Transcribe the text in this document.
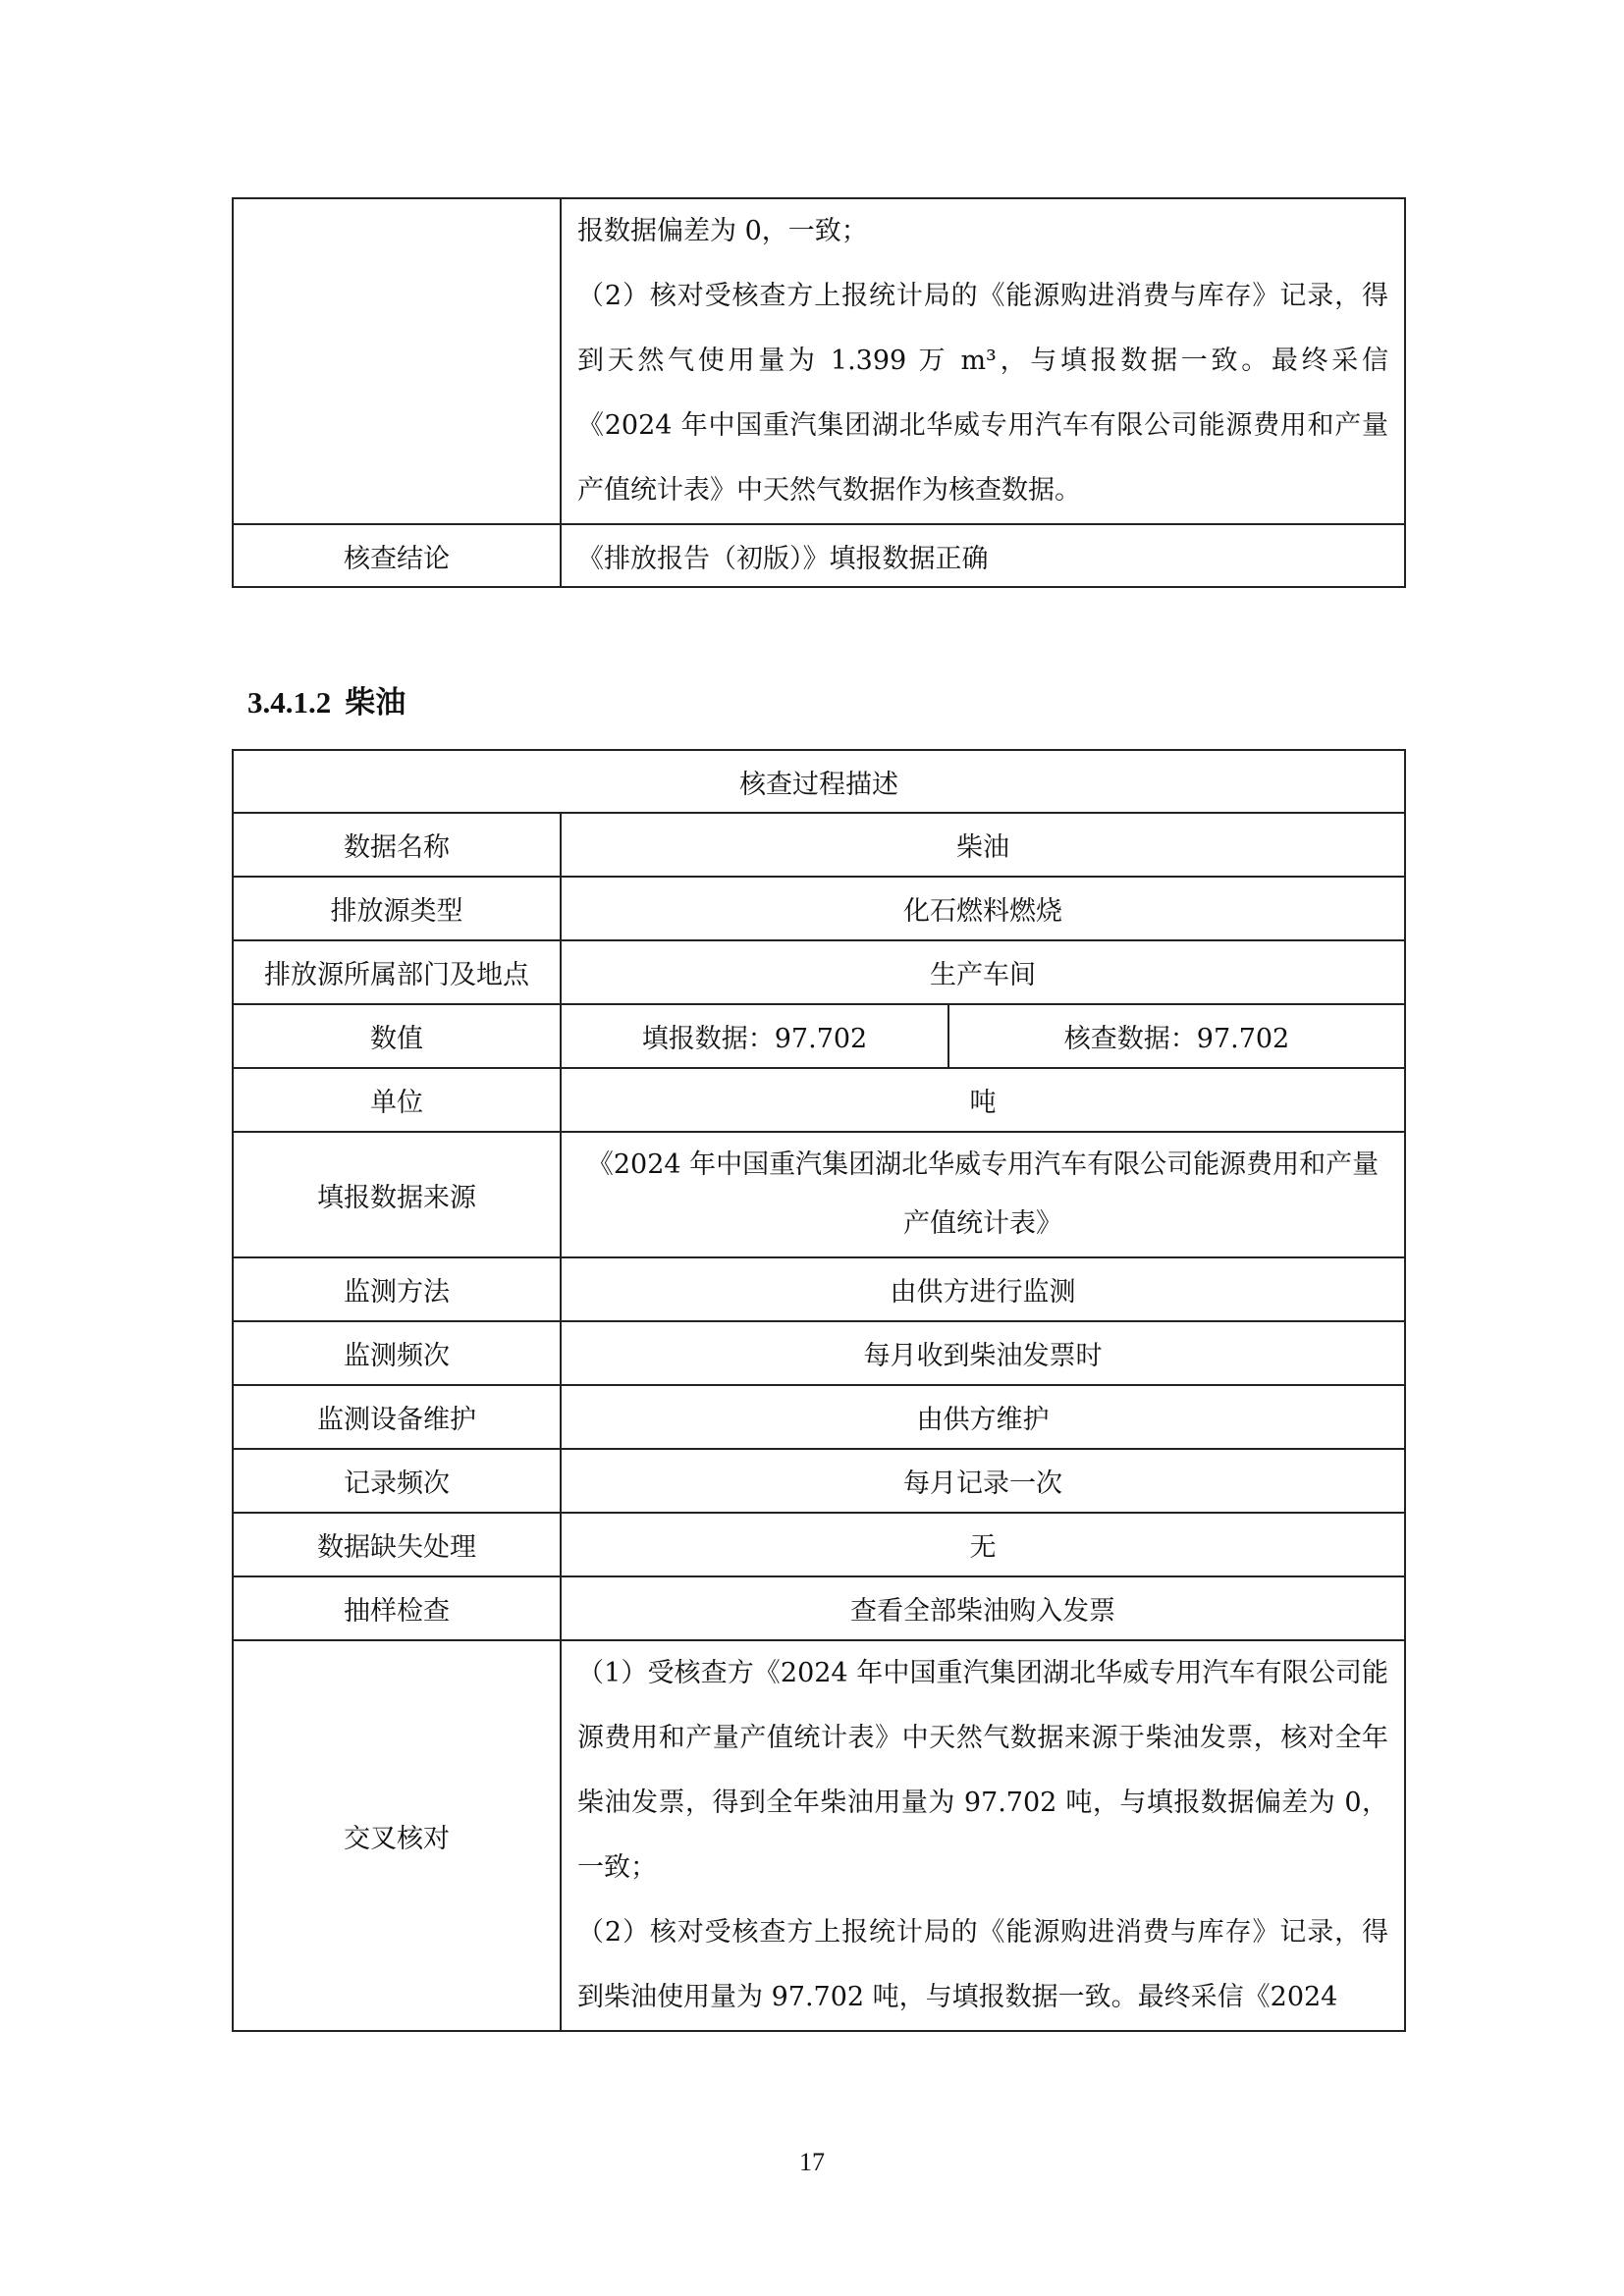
	报数据偏差为 0，一致；

（2）核对受核查方上报统计局的《能源购进消费与库存》记录，得到天然气使用量为 1.399 万 m³，与填报数据一致。最终采信《2024 年中国重汽集团湖北华威专用汽车有限公司能源费用和产量产值统计表》中天然气数据作为核查数据。

核查结论	《排放报告（初版）》填报数据正确
3.4.1.2 柴油
核查过程描述		
数据名称	柴油	
排放源类型	化石燃料燃烧	
排放源所属部门及地点	生产车间	
数值	填报数据：97.702	核查数据：97.702
单位	吨	
填报数据来源	《2024 年中国重汽集团湖北华威专用汽车有限公司能源费用和产量产值统计表》	
监测方法	由供方进行监测	
监测频次	每月收到柴油发票时	
监测设备维护	由供方维护	
记录频次	每月记录一次	
数据缺失处理	无	
抽样检查	查看全部柴油购入发票	
交叉核对	（1）受核查方《2024 年中国重汽集团湖北华威专用汽车有限公司能源费用和产量产值统计表》中天然气数据来源于柴油发票，核对全年柴油发票，得到全年柴油用量为 97.702 吨，与填报数据偏差为 0，一致；

（2）核对受核查方上报统计局的《能源购进消费与库存》记录，得到柴油使用量为 97.702 吨，与填报数据一致。最终采信《2024	

17
